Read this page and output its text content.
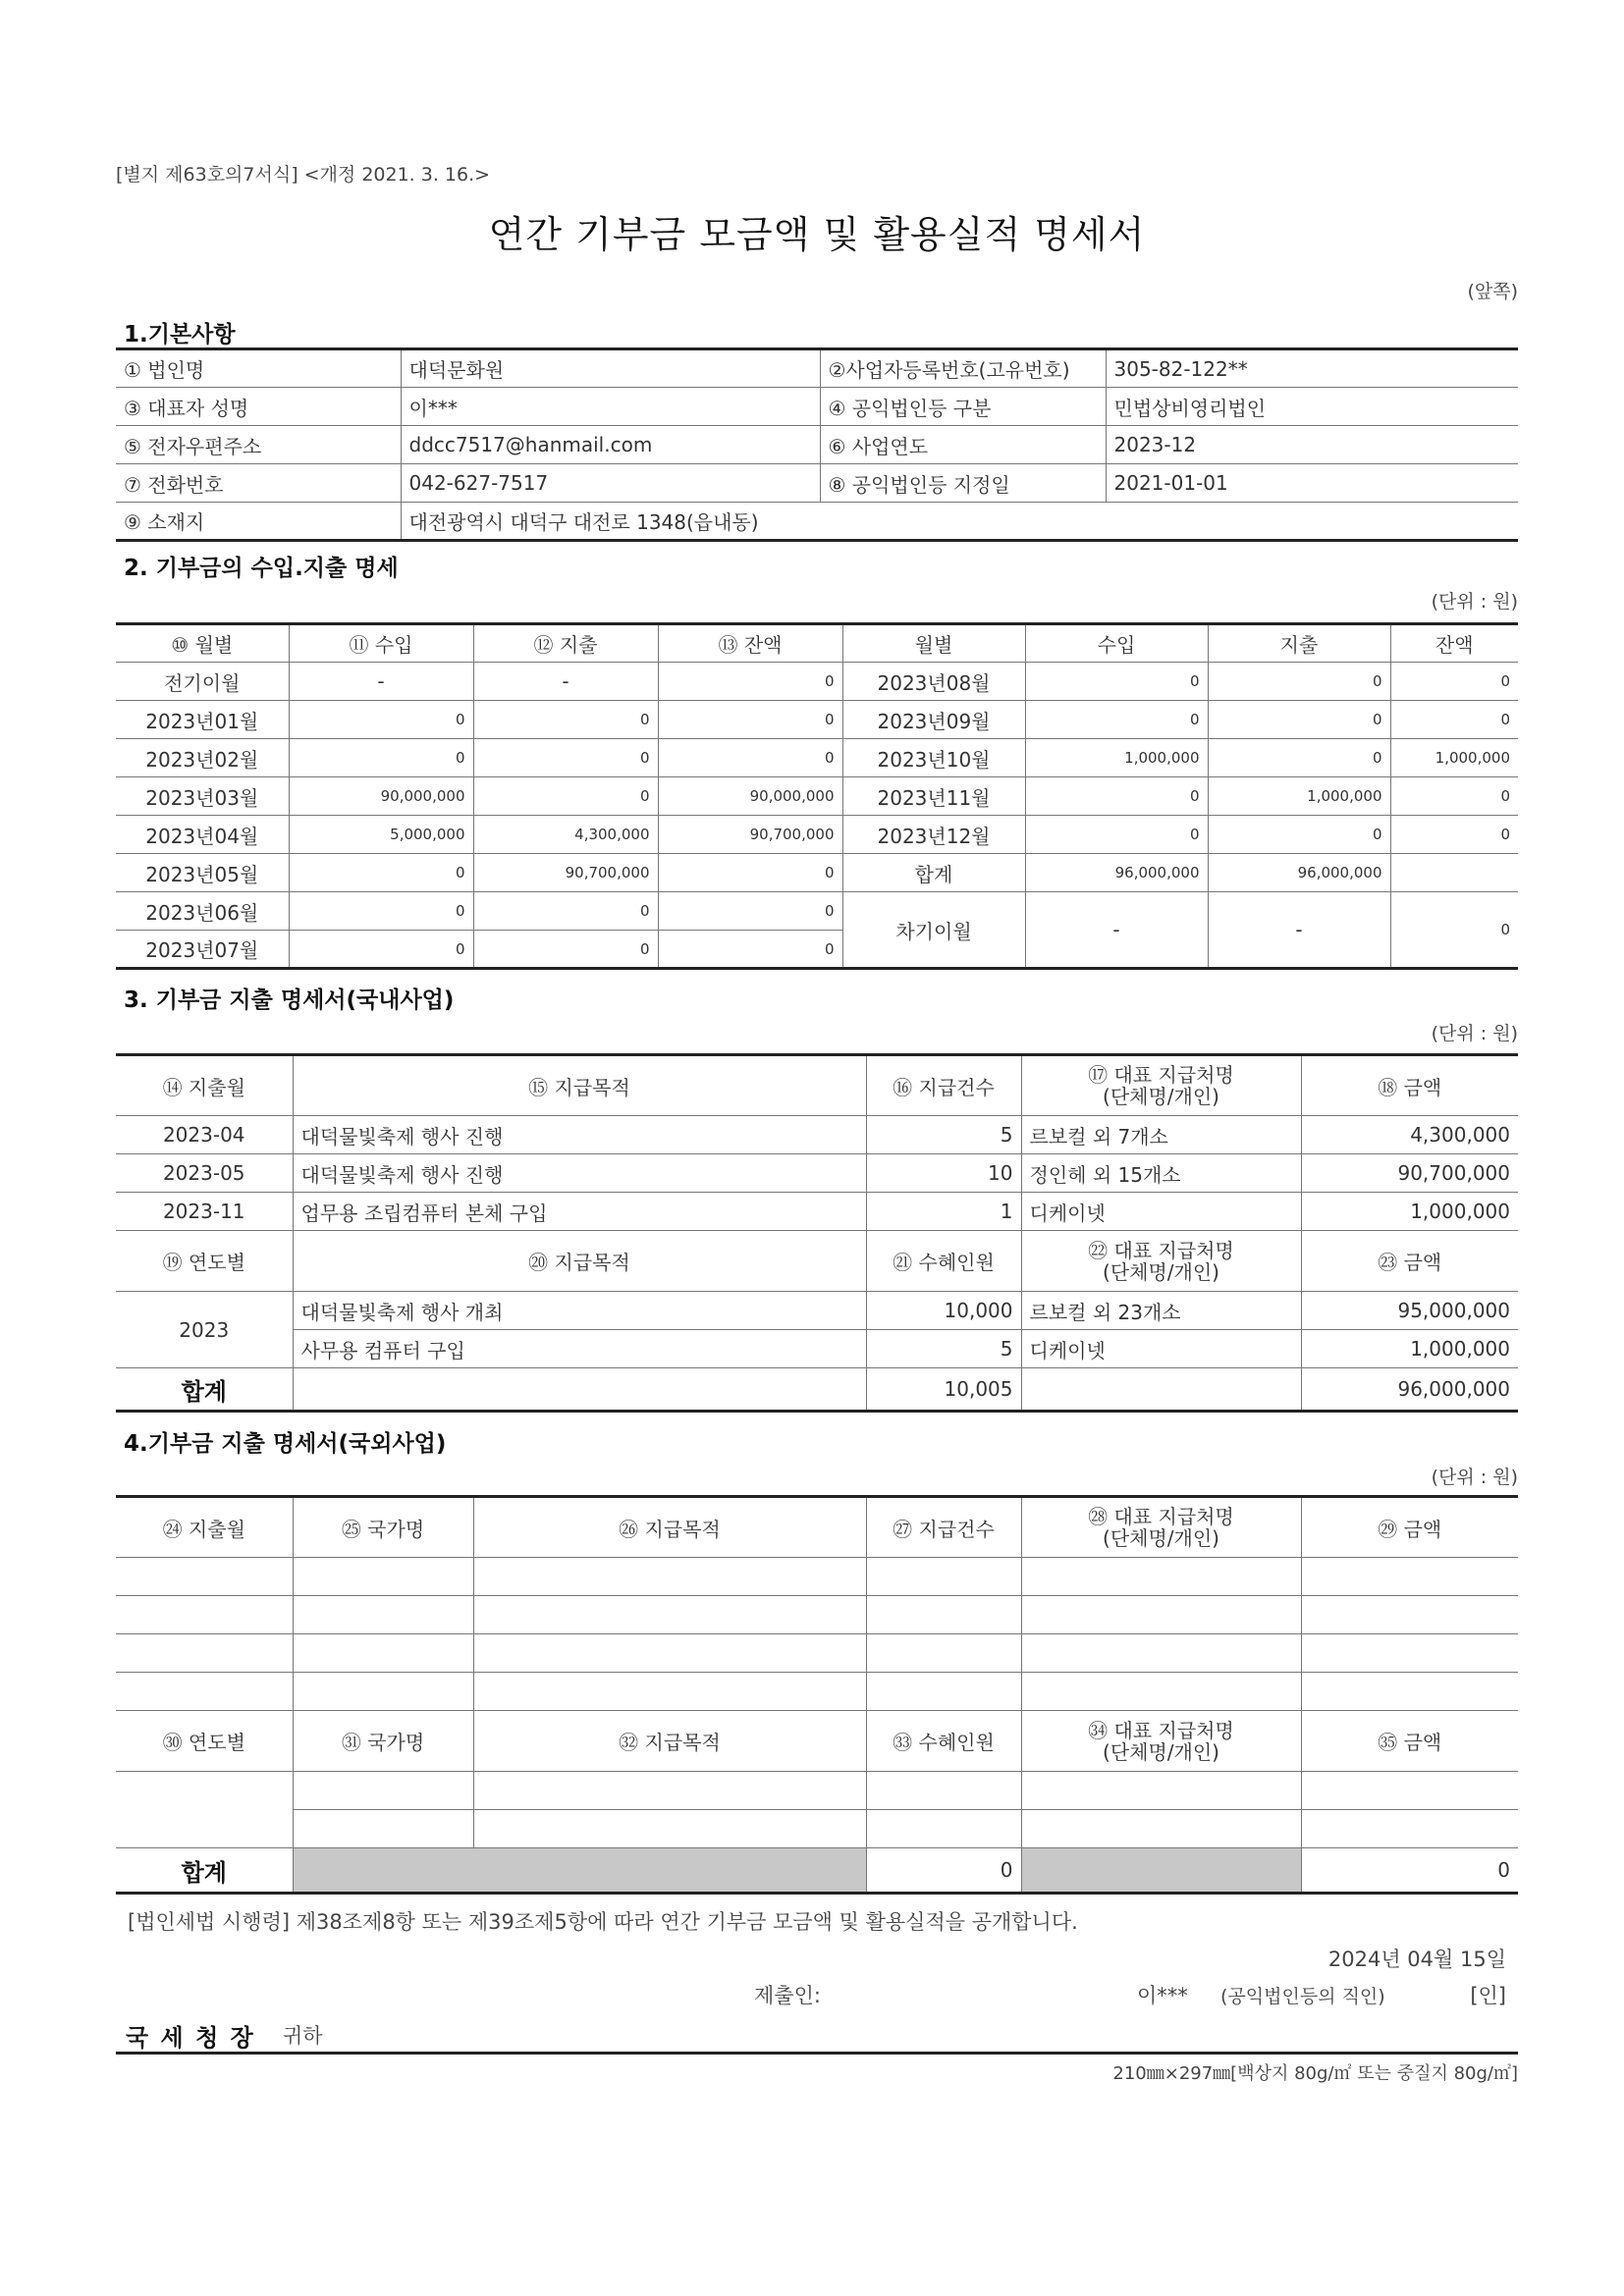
[별지 제63호의7서식] <개정 2021. 3. 16.>
연간 기부금 모금액 및 활용실적 명세서
(앞쪽)
1.기본사항
① 법인명	대덕문화원	②사업자등록번호(고유번호)	305-82-122**
③ 대표자 성명	이***	④ 공익법인등 구분	민법상비영리법인
⑤ 전자우편주소	ddcc7517@hanmail.com	⑥ 사업연도	2023-12
⑦ 전화번호	042-627-7517	⑧ 공익법인등 지정일	2021-01-01
⑨ 소재지	대전광역시 대덕구 대전로 1348(읍내동)		
2. 기부금의 수입.지출 명세
(단위 : 원)
⑩ 월별	⑪ 수입	⑫ 지출	⑬ 잔액	월별	수입	지출	잔액
전기이월	-	-	0	2023년08월	0	0	0
2023년01월	0	0	0	2023년09월	0	0	0
2023년02월	0	0	0	2023년10월	1,000,000	0	1,000,000
2023년03월	90,000,000	0	90,000,000	2023년11월	0	1,000,000	0
2023년04월	5,000,000	4,300,000	90,700,000	2023년12월	0	0	0
2023년05월	0	90,700,000	0	합계	96,000,000	96,000,000	
2023년06월	0	0	0	차기이월	-	-	0
2023년07월	0	0	0				
3. 기부금 지출 명세서(국내사업)
(단위 : 원)
⑭ 지출월	⑮ 지급목적	⑯ 지급건수	⑰ 대표 지급처명
(단체명/개인)	⑱ 금액
2023-04	대덕물빛축제 행사 진행	5	르보컬 외 7개소	4,300,000
2023-05	대덕물빛축제 행사 진행	10	정인헤 외 15개소	90,700,000
2023-11	업무용 조립컴퓨터 본체 구입	1	디케이넷	1,000,000
⑲ 연도별	⑳ 지급목적	㉑ 수혜인원	㉒ 대표 지급처명
(단체명/개인)	㉓ 금액
2023	대덕물빛축제 행사 개최	10,000	르보컬 외 23개소	95,000,000
	사무용 컴퓨터 구입	5	디케이넷	1,000,000
합계		10,005		96,000,000
4.기부금 지출 명세서(국외사업)
(단위 : 원)
㉔ 지출월	㉕ 국가명	㉖ 지급목적	㉗ 지급건수	㉘ 대표 지급처명
(단체명/개인)	㉙ 금액

㉚ 연도별	㉛ 국가명	㉜ 지급목적	㉝ 수혜인원	㉞ 대표 지급처명
(단체명/개인)	㉟ 금액

합계			0		0
[법인세법 시행령] 제38조제8항 또는 제39조제5항에 따라 연간 기부금 모금액 및 활용실적을 공개합니다.
2024년 04월 15일
제출인:	이*** (공익법인등의 직인)	[인]
국 세 청 장 귀하
210㎜×297㎜[백상지 80g/㎡ 또는 중질지 80g/㎡]
